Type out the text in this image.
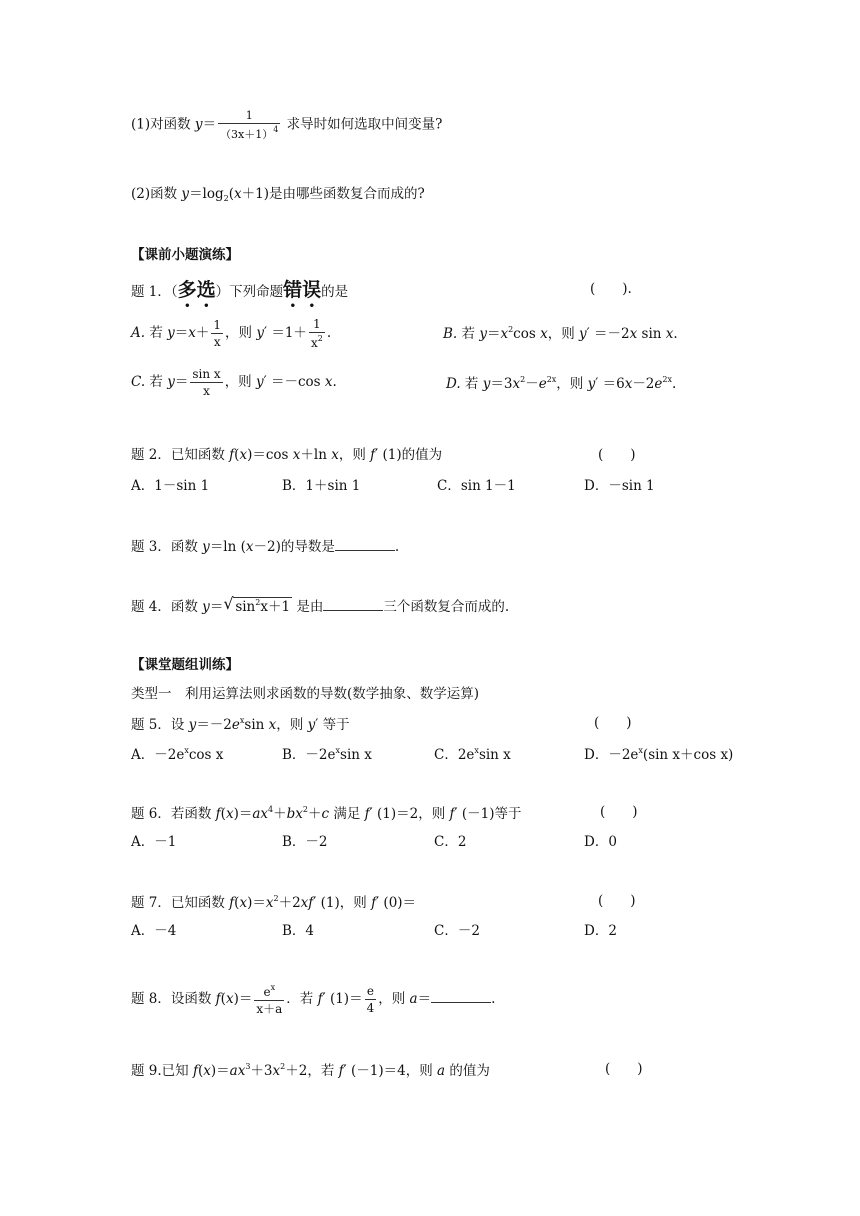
(1)对函数 $y= \frac{1}{(3x+1)^4}$ 求导时如何选取中间变量?
(2)函数 $y=\log_2(x+1)$是由哪些函数复合而成的?
【课前小题演练】
题 1．（多选）下列命题错误的是	(　　).
A. 若 $y=x+ \frac{1}{x}$ ，则 $y' =1+ \frac{1}{x^2}$ .	B. 若 $y=x^2\cos$ x，则 y′ ＝－2x sin x.
C. 若 $y= \frac{\text{sin x}}{x}$ ，则 y′ ＝－cos x.	D. 若 $y=3x^2-e^{2x}$，则 $y' =6x-2e^{2x}$.
题 2．已知函数 f(x)＝cos x＋ln x，则 f′ (1)的值为	(　　)
A．1－sin 1	B．1＋sin 1	C．sin 1－1	D．－sin 1
题 3．函数 y＝ln (x－2)的导数是	.
题 4．函数 y＝ √ $\sin^2x+1$ 是由	三个函数复合而成的.
【课堂题组训练】
类型一　利用运算法则求函数的导数(数学抽象、数学运算)
题 5．设 $y=-2e^x\sin$ x，则 y′ 等于	(　　)
A．$-2e^x\cos$ x	B．$-2e^x\sin$ x	C．$2e^x\sin$ x	D．$-2e^x(\sin$ x＋cos x)
题 6．若函数 $f(x)=ax^4+bx^2+c$ 满足 f′ (1)＝2，则 f′ (－1)等于	(　　)
A．－1	B．－2	C．2	D．0
题 7．已知函数 $f(x)=x^2+2xf'$ (1)，则 f′ (0)＝	(　　)
A．－4	B．4	C．－2	D．2
题 8．设函数 $f(x)= \frac{e^x}{x+a}$ ．若 f′ $(1)= \frac{e}{4}$ ，则 a＝	.
题 9.已知 $f(x)=ax^3+3x^2+2$，若 f′ (－1)＝4，则 a 的值为	(　　)
